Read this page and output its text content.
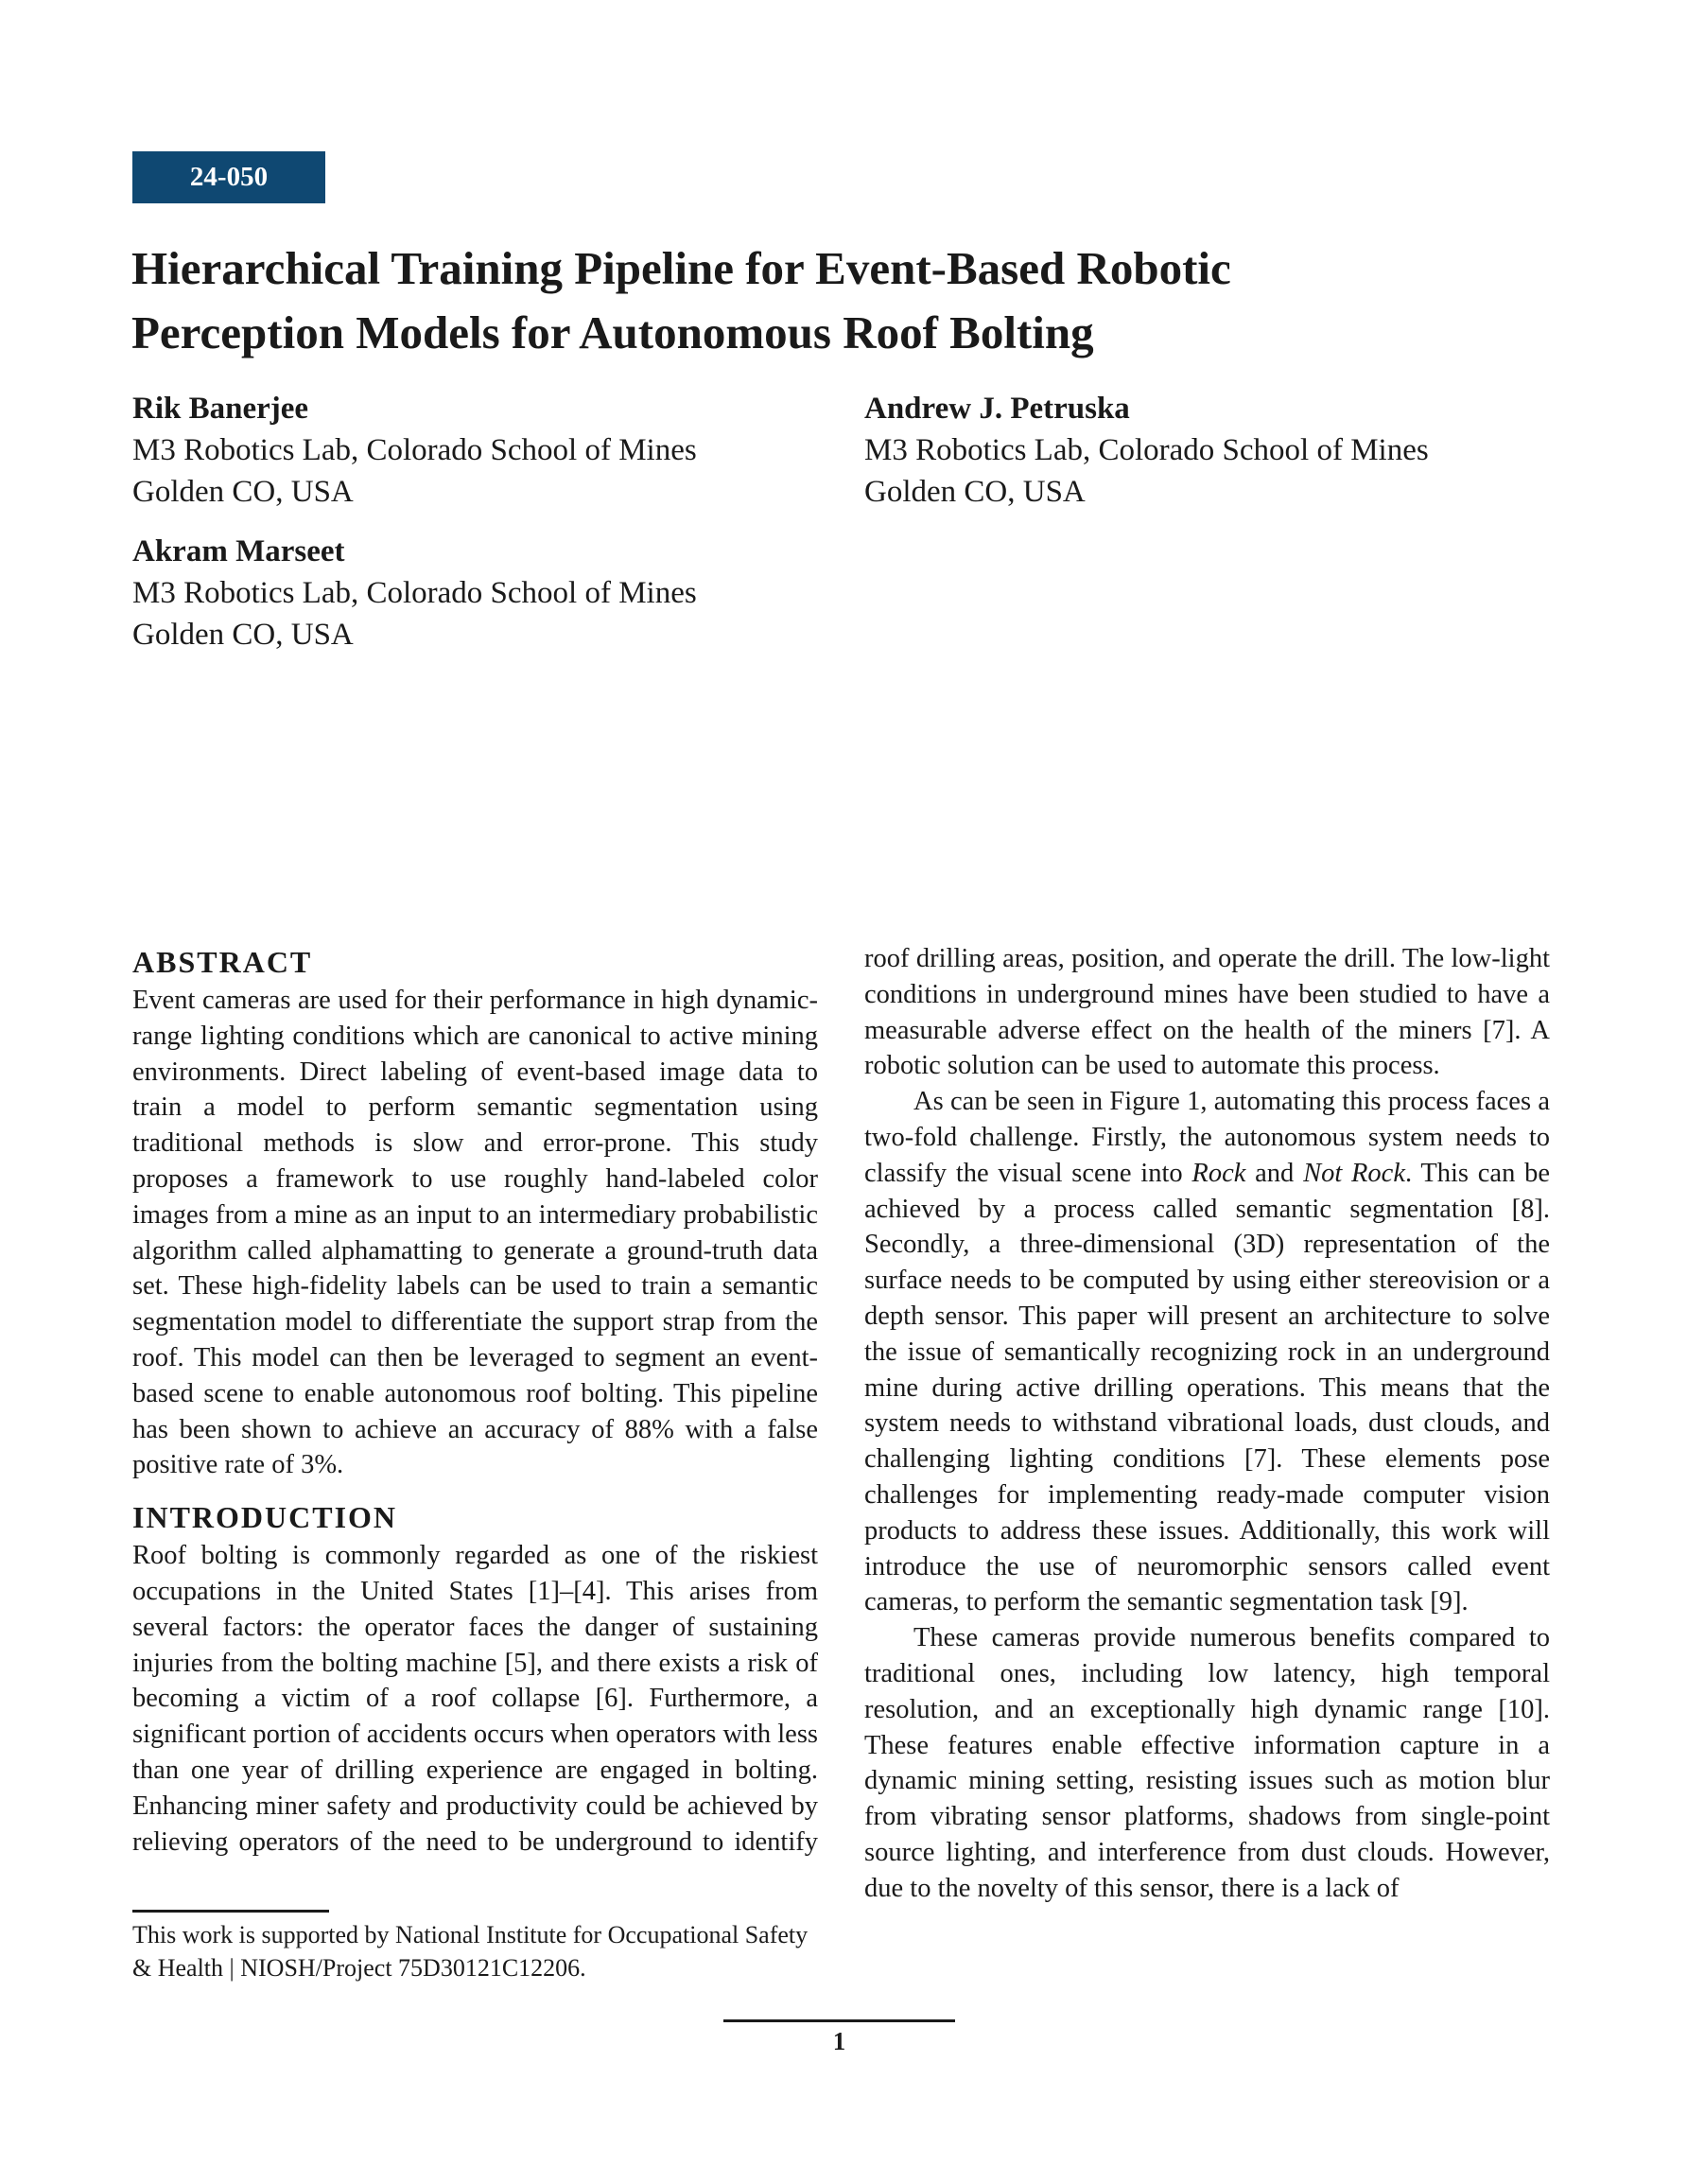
24-050
Hierarchical Training Pipeline for Event-Based Robotic
Perception Models for Autonomous Roof Bolting
Rik Banerjee
M3 Robotics Lab, Colorado School of Mines
Golden CO, USA
Andrew J. Petruska
M3 Robotics Lab, Colorado School of Mines
Golden CO, USA
Akram Marseet
M3 Robotics Lab, Colorado School of Mines
Golden CO, USA
ABSTRACT

Event cameras are used for their performance in high dynamic-range lighting conditions which are canonical to active mining environments. Direct labeling of event-based image data to train a model to perform semantic segmentation using traditional methods is slow and error-prone. This study proposes a framework to use roughly hand-labeled color images from a mine as an input to an intermediary probabilistic algorithm called alphamatting to generate a ground-truth data set. These high-fidelity labels can be used to train a semantic segmentation model to differentiate the support strap from the roof. This model can then be leveraged to segment an event-based scene to enable autonomous roof bolting. This pipeline has been shown to achieve an accuracy of 88% with a false positive rate of 3%.

INTRODUCTION

Roof bolting is commonly regarded as one of the riskiest occupations in the United States [1]–[4]. This arises from several factors: the operator faces the danger of sustaining injuries from the bolting machine [5], and there exists a risk of becoming a victim of a roof collapse [6]. Furthermore, a significant portion of accidents occurs when operators with less than one year of drilling experience are engaged in bolting. Enhancing miner safety and productivity could be achieved by relieving operators of the need to be underground to identify

roof drilling areas, position, and operate the drill. The low-light conditions in underground mines have been studied to have a measurable adverse effect on the health of the miners [7]. A robotic solution can be used to automate this process.

As can be seen in Figure 1, automating this process faces a two-fold challenge. Firstly, the autonomous system needs to classify the visual scene into Rock and Not Rock. This can be achieved by a process called semantic segmentation [8]. Secondly, a three-dimensional (3D) representation of the surface needs to be computed by using either stereovision or a depth sensor. This paper will present an architecture to solve the issue of semantically recognizing rock in an underground mine during active drilling operations. This means that the system needs to withstand vibrational loads, dust clouds, and challenging lighting conditions [7]. These elements pose challenges for implementing ready-made computer vision products to address these issues. Additionally, this work will introduce the use of neuromorphic sensors called event cameras, to perform the semantic segmentation task [9].

These cameras provide numerous benefits compared to traditional ones, including low latency, high temporal resolution, and an exceptionally high dynamic range [10]. These features enable effective information capture in a dynamic mining setting, resisting issues such as motion blur from vibrating sensor platforms, shadows from single-point source lighting, and interference from dust clouds. However, due to the novelty of this sensor, there is a lack of

This work is supported by National Institute for Occupational Safety & Health | NIOSH/Project 75D30121C12206.

1
